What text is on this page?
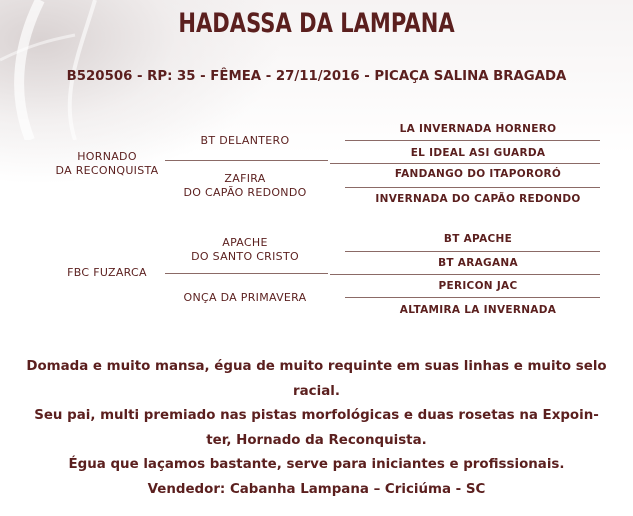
HADASSA DA LAMPANA
B520506 - RP: 35 - FÊMEA - 27/11/2016 - PICAÇA SALINA BRAGADA
HORNADO
DA RECONQUISTA
FBC FUZARCA
BT DELANTERO
ZAFIRA
DO CAPÃO REDONDO
APACHE
DO SANTO CRISTO
ONÇA DA PRIMAVERA
LA INVERNADA HORNERO
EL IDEAL ASI GUARDA
FANDANGO DO ITAPORORÓ
INVERNADA DO CAPÃO REDONDO
BT APACHE
BT ARAGANA
PERICON JAC
ALTAMIRA LA INVERNADA

Domada e muito mansa, égua de muito requinte em suas linhas e muito selo

racial.

Seu pai, multi premiado nas pistas morfológicas e duas rosetas na Expoin-

ter, Hornado da Reconquista.

Égua que laçamos bastante, serve para iniciantes e profissionais.

Vendedor: Cabanha Lampana – Criciúma - SC
